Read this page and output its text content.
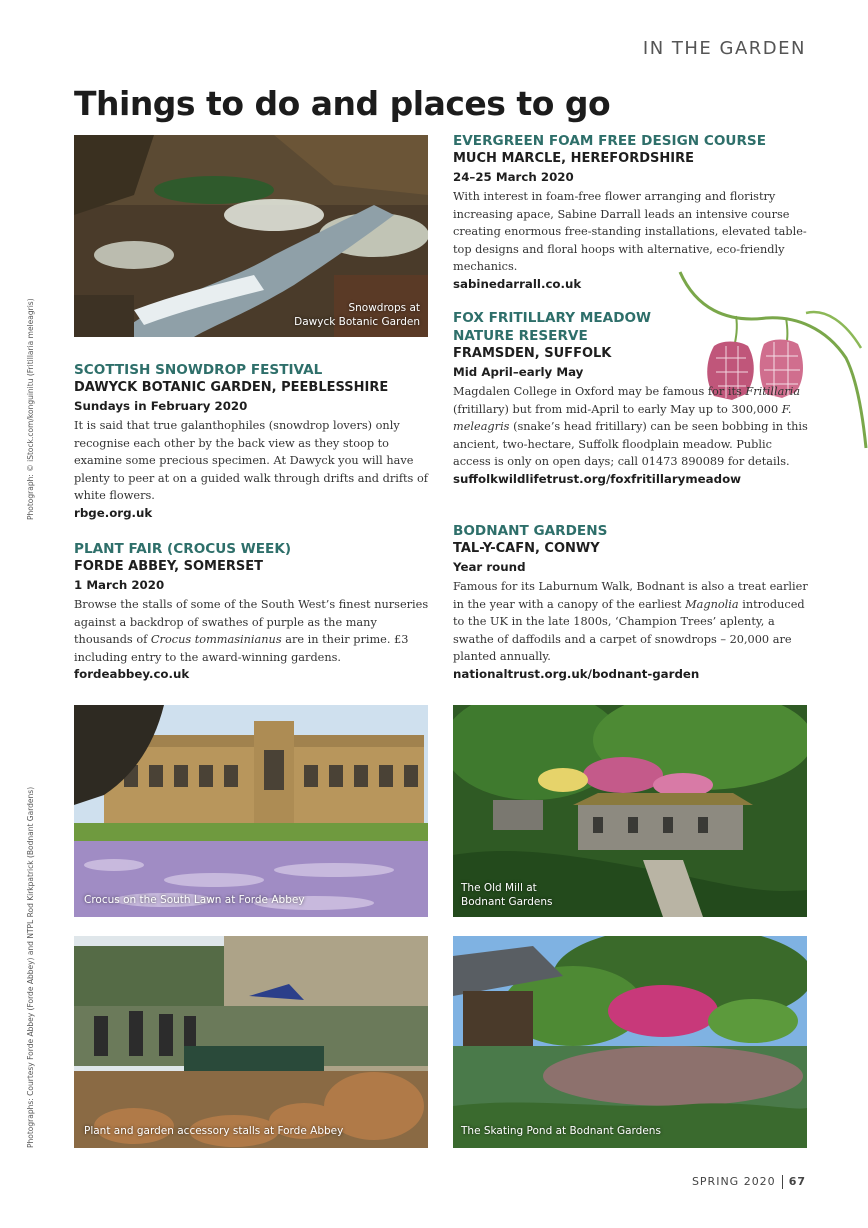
IN THE GARDEN
Things to do and places to go
Photograph: © iStock.com/konguinitu (Fritillaria meleagris)
Photographs: Courtesy Forde Abbey (Forde Abbey) and NTPL Rod Kirkpatrick (Bodnant Gardens)
Snowdrops at
Dawyck Botanic Garden
SCOTTISH SNOWDROP FESTIVAL
DAWYCK BOTANIC GARDEN, PEEBLESSHIRE
Sundays in February 2020

It is said that true galanthophiles (snowdrop lovers) only recognise each other by the back view as they stoop to examine some precious specimen. At Dawyck you will have plenty to peer at on a guided walk through drifts and drifts of white flowers.

rbge.org.uk
PLANT FAIR (CROCUS WEEK)
FORDE ABBEY, SOMERSET
1 March 2020

Browse the stalls of some of the South West’s finest nurseries against a backdrop of swathes of purple as the many thousands of Crocus tommasinianus are in their prime. £3 including entry to the award-winning gardens.

fordeabbey.co.uk
EVERGREEN FOAM FREE DESIGN COURSE
MUCH MARCLE, HEREFORDSHIRE
24–25 March 2020

With interest in foam-free flower arranging and floristry increasing apace, Sabine Darrall leads an intensive course creating enormous free-standing installations, elevated table-top designs and floral hoops with alternative, eco-friendly mechanics.

sabinedarrall.co.uk
FOX FRITILLARY MEADOW
NATURE RESERVE
FRAMSDEN, SUFFOLK
Mid April–early May

Magdalen College in Oxford may be famous for its Fritillaria (fritillary) but from mid-April to early May up to 300,000 F. meleagris (snake’s head fritillary) can be seen bobbing in this ancient, two-hectare, Suffolk floodplain meadow. Public access is only on open days; call 01473 890089 for details.

suffolkwildlifetrust.org/foxfritillarymeadow
BODNANT GARDENS
TAL-Y-CAFN, CONWY
Year round

Famous for its Laburnum Walk, Bodnant is also a treat earlier in the year with a canopy of the earliest Magnolia introduced to the UK in the late 1800s, ‘Champion Trees’ aplenty, a swathe of daffodils and a carpet of snowdrops – 20,000 are planted annually.

nationaltrust.org.uk/bodnant-garden
Crocus on the South Lawn at Forde Abbey
The Old Mill at
Bodnant Gardens
Plant and garden accessory stalls at Forde Abbey	The Skating Pond at Bodnant Gardens
SPRING 2020 67
